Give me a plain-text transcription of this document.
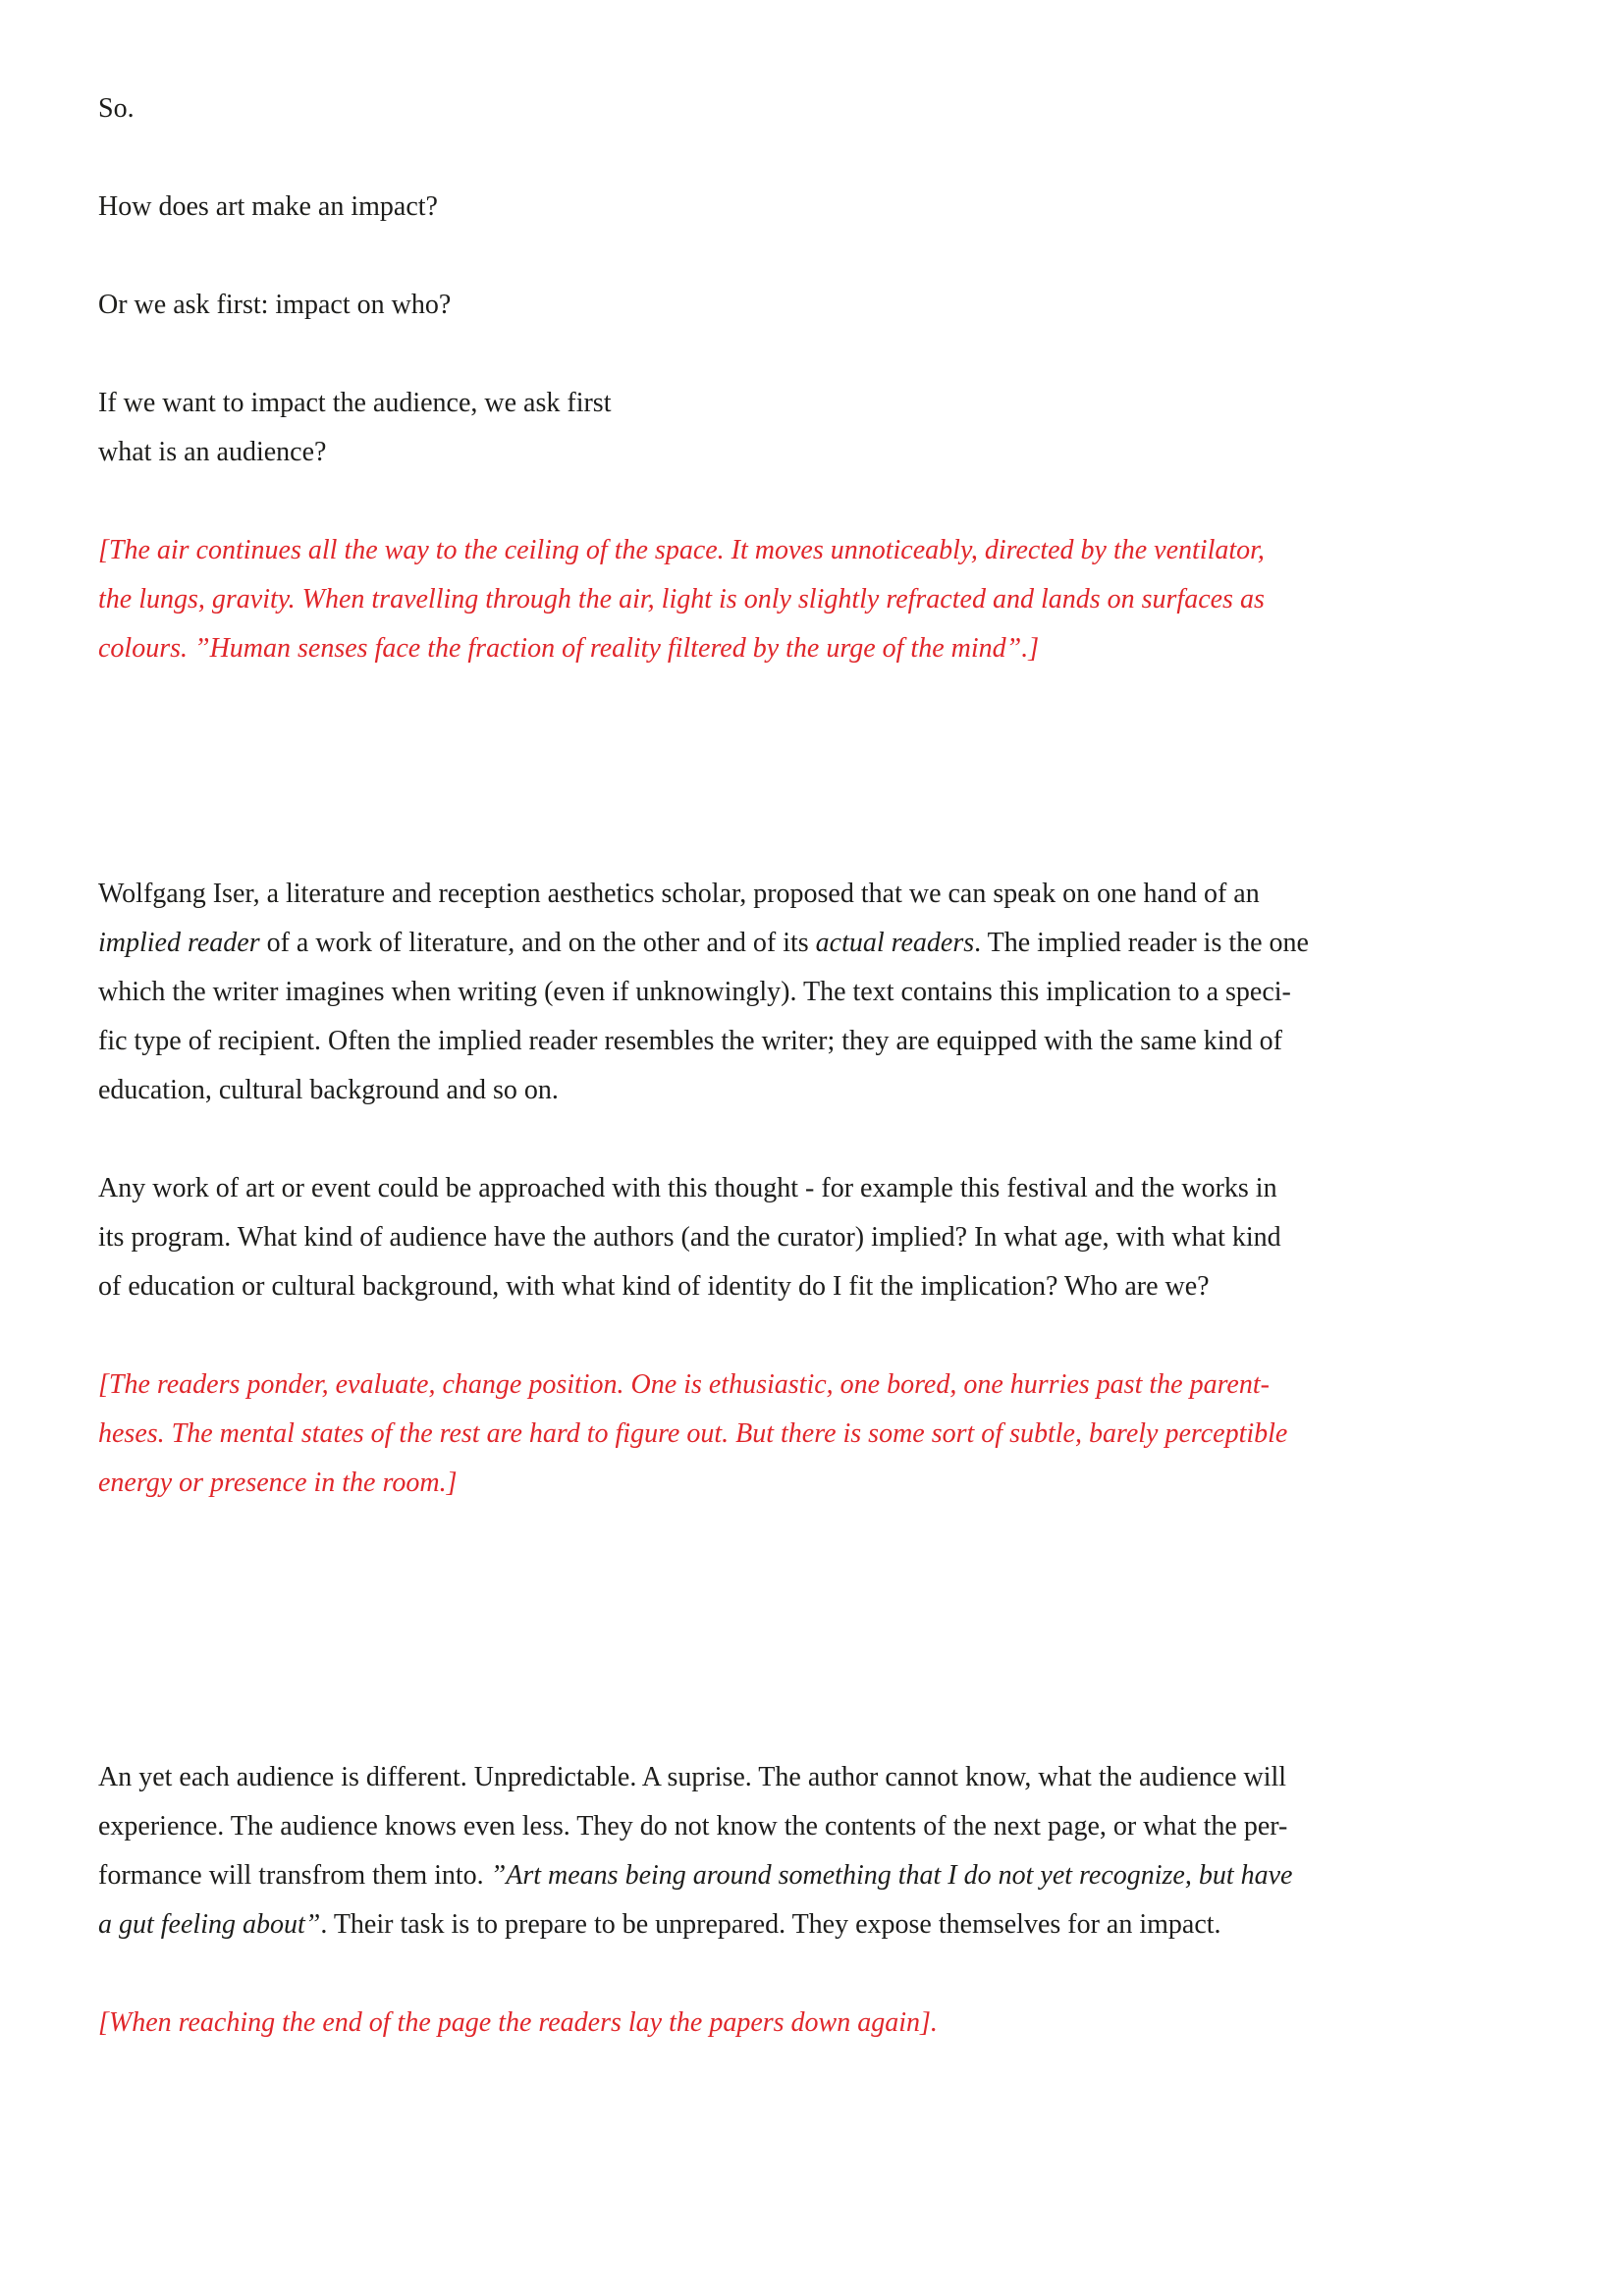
So.

How does art make an impact?

Or we ask first: impact on who?

If we want to impact the audience, we ask first
what is an audience?

[The air continues all the way to the ceiling of the space. It moves unnoticeably, directed by the ventilator,
the lungs, gravity. When travelling through the air, light is only slightly refracted and lands on surfaces as
colours. ”Human senses face the fraction of reality filtered by the urge of the mind”.]

Wolfgang Iser, a literature and reception aesthetics scholar, proposed that we can speak on one hand of an
implied reader of a work of literature, and on the other and of its actual readers. The implied reader is the one
which the writer imagines when writing (even if unknowingly). The text contains this implication to a speci-
fic type of recipient. Often the implied reader resembles the writer; they are equipped with the same kind of
education, cultural background and so on.

Any work of art or event could be approached with this thought - for example this festival and the works in
its program. What kind of audience have the authors (and the curator) implied? In what age, with what kind
of education or cultural background, with what kind of identity do I fit the implication? Who are we?

[The readers ponder, evaluate, change position. One is ethusiastic, one bored, one hurries past the parent-
heses. The mental states of the rest are hard to figure out. But there is some sort of subtle, barely perceptible
energy or presence in the room.]

An yet each audience is different. Unpredictable. A suprise. The author cannot know, what the audience will
experience. The audience knows even less. They do not know the contents of the next page, or what the per-
formance will transfrom them into. ”Art means being around something that I do not yet recognize, but have
a gut feeling about”. Their task is to prepare to be unprepared. They expose themselves for an impact.

[When reaching the end of the page the readers lay the papers down again].
